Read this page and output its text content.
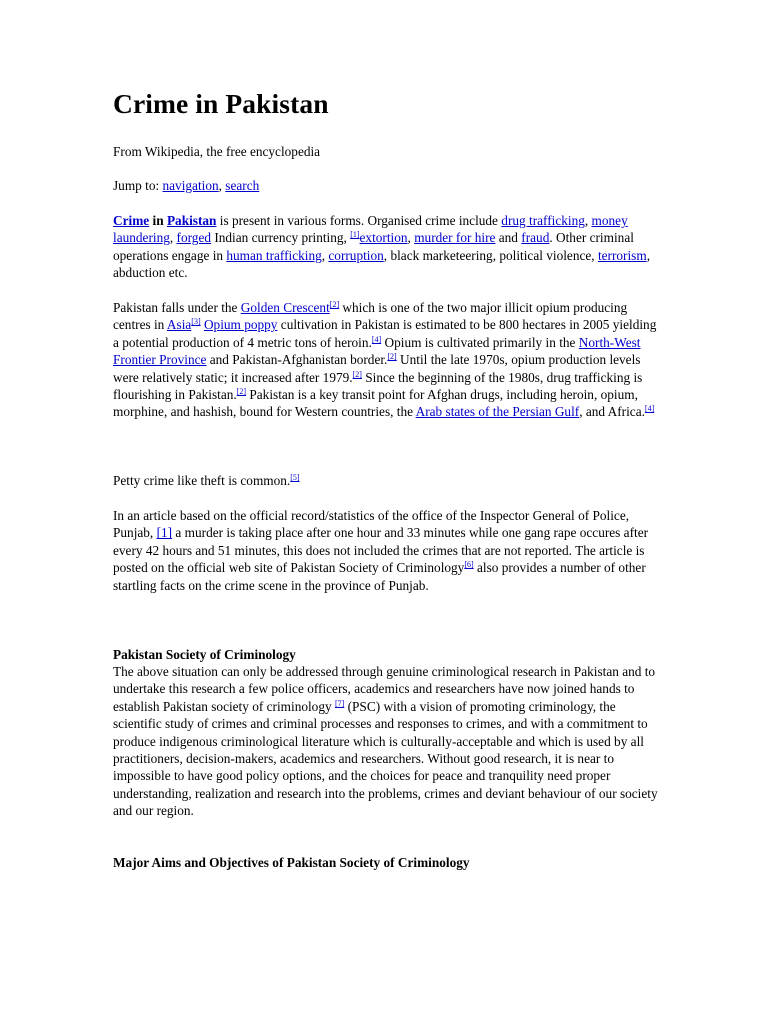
Crime in Pakistan

From Wikipedia, the free encyclopedia

Jump to: navigation, search

Crime in Pakistan is present in various forms. Organised crime include drug trafficking, money laundering, forged Indian currency printing, [1]extortion, murder for hire and fraud. Other criminal operations engage in human trafficking, corruption, black marketeering, political violence, terrorism, abduction etc.

Pakistan falls under the Golden Crescent[2] which is one of the two major illicit opium producing centres in Asia[3] Opium poppy cultivation in Pakistan is estimated to be 800 hectares in 2005 yielding a potential production of 4 metric tons of heroin.[4] Opium is cultivated primarily in the North-West Frontier Province and Pakistan-Afghanistan border.[2] Until the late 1970s, opium production levels were relatively static; it increased after 1979.[2] Since the beginning of the 1980s, drug trafficking is flourishing in Pakistan.[2] Pakistan is a key transit point for Afghan drugs, including heroin, opium, morphine, and hashish, bound for Western countries, the Arab states of the Persian Gulf, and Africa.[4]

Petty crime like theft is common.[5]

In an article based on the official record/statistics of the office of the Inspector General of Police, Punjab, [1] a murder is taking place after one hour and 33 minutes while one gang rape occures after every 42 hours and 51 minutes, this does not included the crimes that are not reported. The article is posted on the official web site of Pakistan Society of Criminology[6] also provides a number of other startling facts on the crime scene in the province of Punjab.

Pakistan Society of Criminology

The above situation can only be addressed through genuine criminological research in Pakistan and to undertake this research a few police officers, academics and researchers have now joined hands to establish Pakistan society of criminology [7] (PSC) with a vision of promoting criminology, the scientific study of crimes and criminal processes and responses to crimes, and with a commitment to produce indigenous criminological literature which is culturally-acceptable and which is used by all practitioners, decision-makers, academics and researchers. Without good research, it is near to impossible to have good policy options, and the choices for peace and tranquility need proper understanding, realization and research into the problems, crimes and deviant behaviour of our society and our region.

Major Aims and Objectives of Pakistan Society of Criminology
